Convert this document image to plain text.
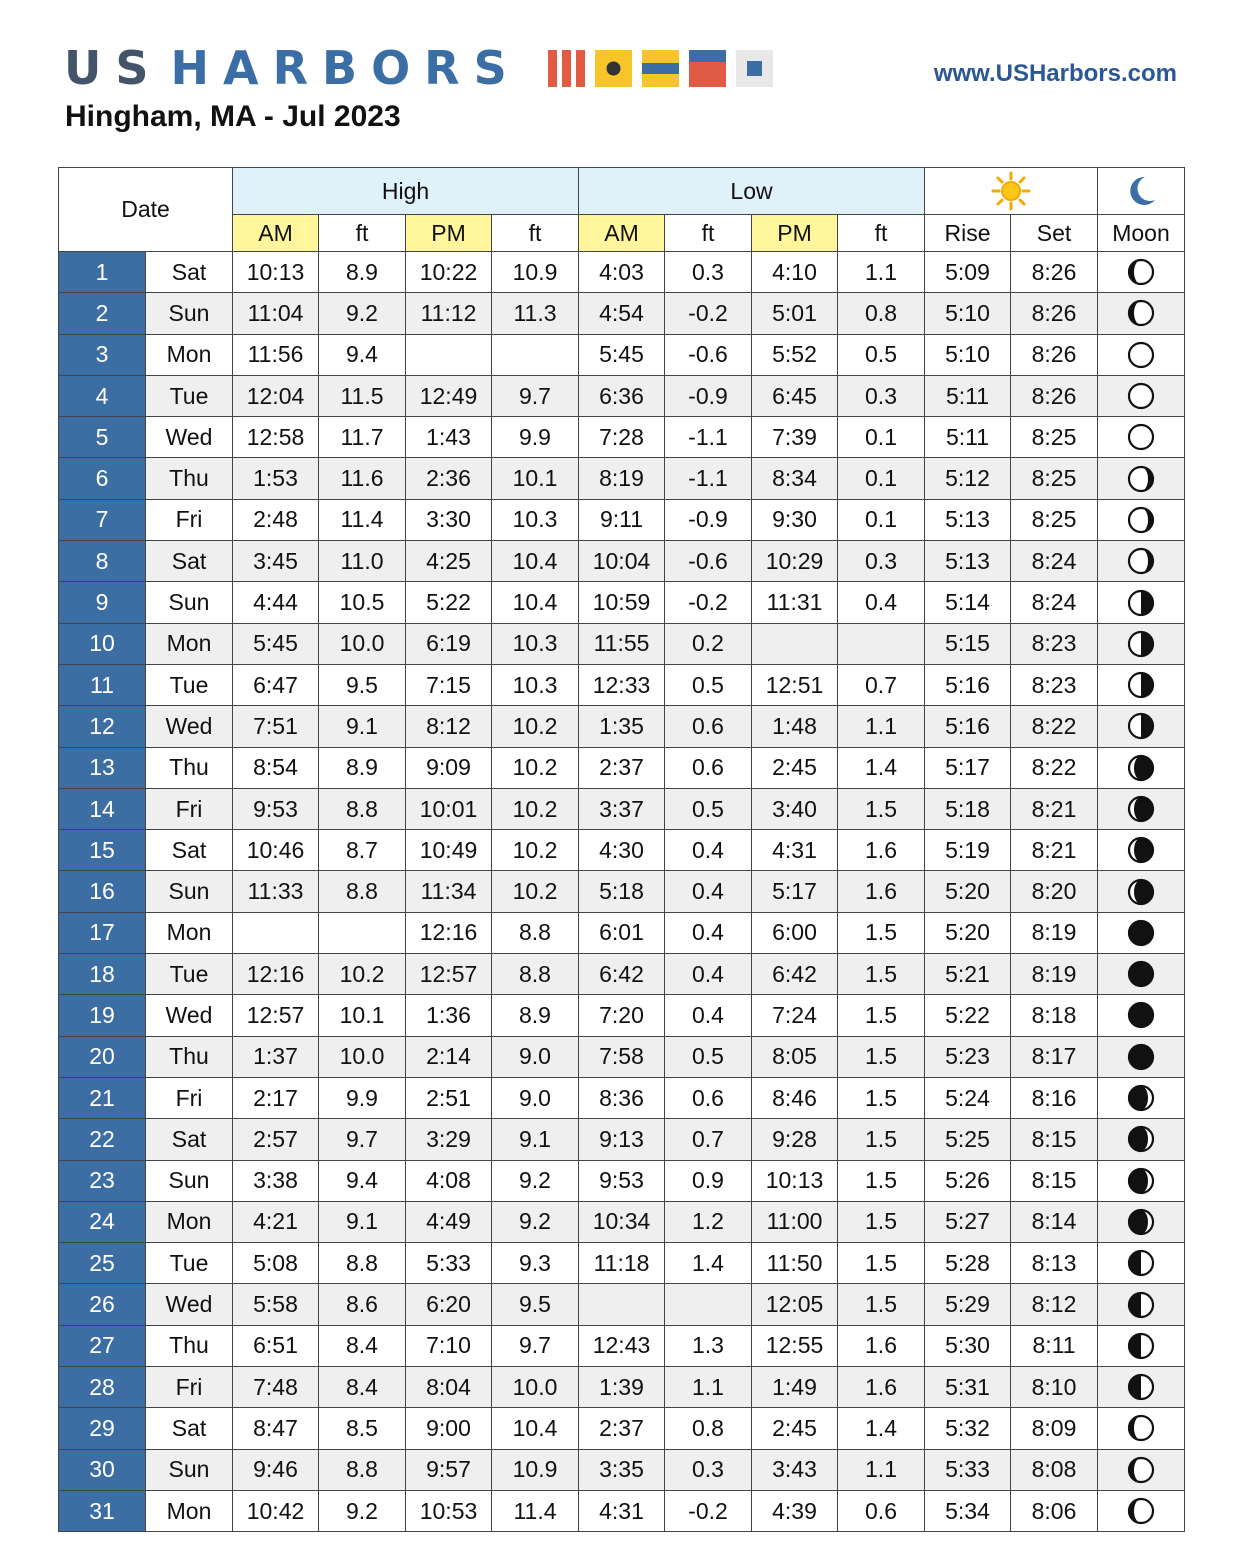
US HARBORS	www.USHarbors.com
Hingham, MA - Jul 2023
Date		High				Low	

		AM	ft	PM	ft	AM	ft	PM	ft	Rise	Set	Moon
1	Sat	10:13	8.9	10:22	10.9	4:03	0.3	4:10	1.1	5:09	8:26	

2	Sun	11:04	9.2	11:12	11.3	4:54	-0.2	5:01	0.8	5:10	8:26	

3	Mon	11:56	9.4			5:45	-0.6	5:52	0.5	5:10	8:26	

4	Tue	12:04	11.5	12:49	9.7	6:36	-0.9	6:45	0.3	5:11	8:26	

5	Wed	12:58	11.7	1:43	9.9	7:28	-1.1	7:39	0.1	5:11	8:25	

6	Thu	1:53	11.6	2:36	10.1	8:19	-1.1	8:34	0.1	5:12	8:25	

7	Fri	2:48	11.4	3:30	10.3	9:11	-0.9	9:30	0.1	5:13	8:25	

8	Sat	3:45	11.0	4:25	10.4	10:04	-0.6	10:29	0.3	5:13	8:24	

9	Sun	4:44	10.5	5:22	10.4	10:59	-0.2	11:31	0.4	5:14	8:24	

10	Mon	5:45	10.0	6:19	10.3	11:55	0.2			5:15	8:23	

11	Tue	6:47	9.5	7:15	10.3	12:33	0.5	12:51	0.7	5:16	8:23	

12	Wed	7:51	9.1	8:12	10.2	1:35	0.6	1:48	1.1	5:16	8:22	

13	Thu	8:54	8.9	9:09	10.2	2:37	0.6	2:45	1.4	5:17	8:22	

14	Fri	9:53	8.8	10:01	10.2	3:37	0.5	3:40	1.5	5:18	8:21	

15	Sat	10:46	8.7	10:49	10.2	4:30	0.4	4:31	1.6	5:19	8:21	

16	Sun	11:33	8.8	11:34	10.2	5:18	0.4	5:17	1.6	5:20	8:20	

17	Mon			12:16	8.8	6:01	0.4	6:00	1.5	5:20	8:19	

18	Tue	12:16	10.2	12:57	8.8	6:42	0.4	6:42	1.5	5:21	8:19	

19	Wed	12:57	10.1	1:36	8.9	7:20	0.4	7:24	1.5	5:22	8:18	

20	Thu	1:37	10.0	2:14	9.0	7:58	0.5	8:05	1.5	5:23	8:17	

21	Fri	2:17	9.9	2:51	9.0	8:36	0.6	8:46	1.5	5:24	8:16	

22	Sat	2:57	9.7	3:29	9.1	9:13	0.7	9:28	1.5	5:25	8:15	

23	Sun	3:38	9.4	4:08	9.2	9:53	0.9	10:13	1.5	5:26	8:15	

24	Mon	4:21	9.1	4:49	9.2	10:34	1.2	11:00	1.5	5:27	8:14	

25	Tue	5:08	8.8	5:33	9.3	11:18	1.4	11:50	1.5	5:28	8:13	

26	Wed	5:58	8.6	6:20	9.5			12:05	1.5	5:29	8:12	

27	Thu	6:51	8.4	7:10	9.7	12:43	1.3	12:55	1.6	5:30	8:11	

28	Fri	7:48	8.4	8:04	10.0	1:39	1.1	1:49	1.6	5:31	8:10	

29	Sat	8:47	8.5	9:00	10.4	2:37	0.8	2:45	1.4	5:32	8:09	

30	Sun	9:46	8.8	9:57	10.9	3:35	0.3	3:43	1.1	5:33	8:08	

31	Mon	10:42	9.2	10:53	11.4	4:31	-0.2	4:39	0.6	5:34	8:06	
